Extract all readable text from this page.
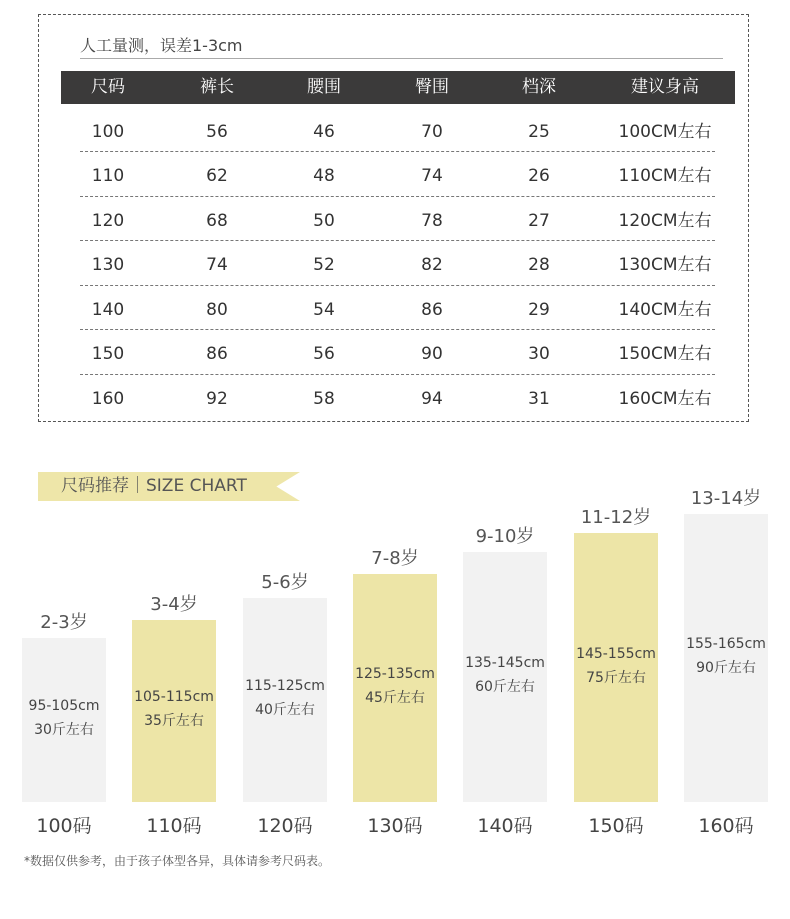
人工量测，误差1-3cm
尺码	裤长	腰围	臀围	档深	建议身高
100	56	46	70	25	100CM左右
110	62	48	74	26	110CM左右
120	68	50	78	27	120CM左右
130	74	52	82	28	130CM左右
140	80	54	86	29	140CM左右
150	86	56	90	30	150CM左右
160	92	58	94	31	160CM左右
尺码推荐｜SIZE CHART
2-3岁
95-105cm
30斤左右
100码
3-4岁
105-115cm
35斤左右
110码
5-6岁
115-125cm
40斤左右
120码
7-8岁
125-135cm
45斤左右
130码
9-10岁
135-145cm
60斤左右
140码
11-12岁
145-155cm
75斤左右
150码
13-14岁
155-165cm
90斤左右
160码
*数据仅供参考，由于孩子体型各异，具体请参考尺码表。
